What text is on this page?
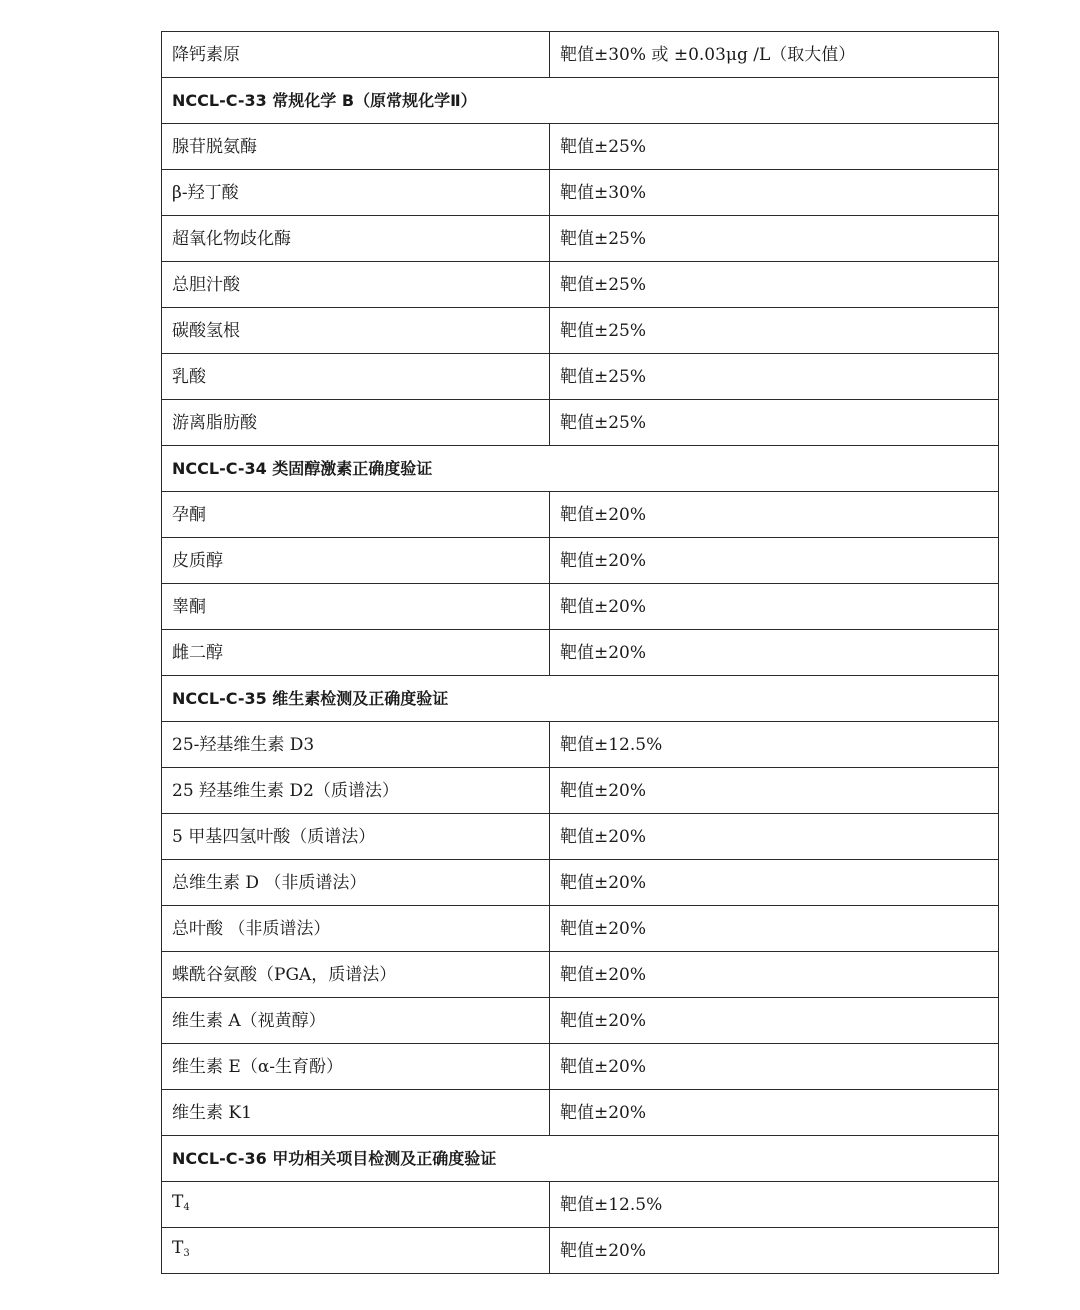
降钙素原	靶值±30% 或 ±0.03μg /L（取大值）
NCCL-C-33 常规化学 B（原常规化学Ⅱ）	
腺苷脱氨酶	靶值±25%
β-羟丁酸	靶值±30%
超氧化物歧化酶	靶值±25%
总胆汁酸	靶值±25%
碳酸氢根	靶值±25%
乳酸	靶值±25%
游离脂肪酸	靶值±25%
NCCL-C-34 类固醇激素正确度验证	
孕酮	靶值±20%
皮质醇	靶值±20%
睾酮	靶值±20%
雌二醇	靶值±20%
NCCL-C-35 维生素检测及正确度验证	
25-羟基维生素 D3	靶值±12.5%
25 羟基维生素 D2（质谱法）	靶值±20%
5 甲基四氢叶酸（质谱法）	靶值±20%
总维生素 D （非质谱法）	靶值±20%
总叶酸 （非质谱法）	靶值±20%
蝶酰谷氨酸（PGA，质谱法）	靶值±20%
维生素 A（视黄醇）	靶值±20%
维生素 E（α-生育酚）	靶值±20%
维生素 K1	靶值±20%
NCCL-C-36 甲功相关项目检测及正确度验证	
$T_4$	靶值±12.5%
$T_3$	靶值±20%
